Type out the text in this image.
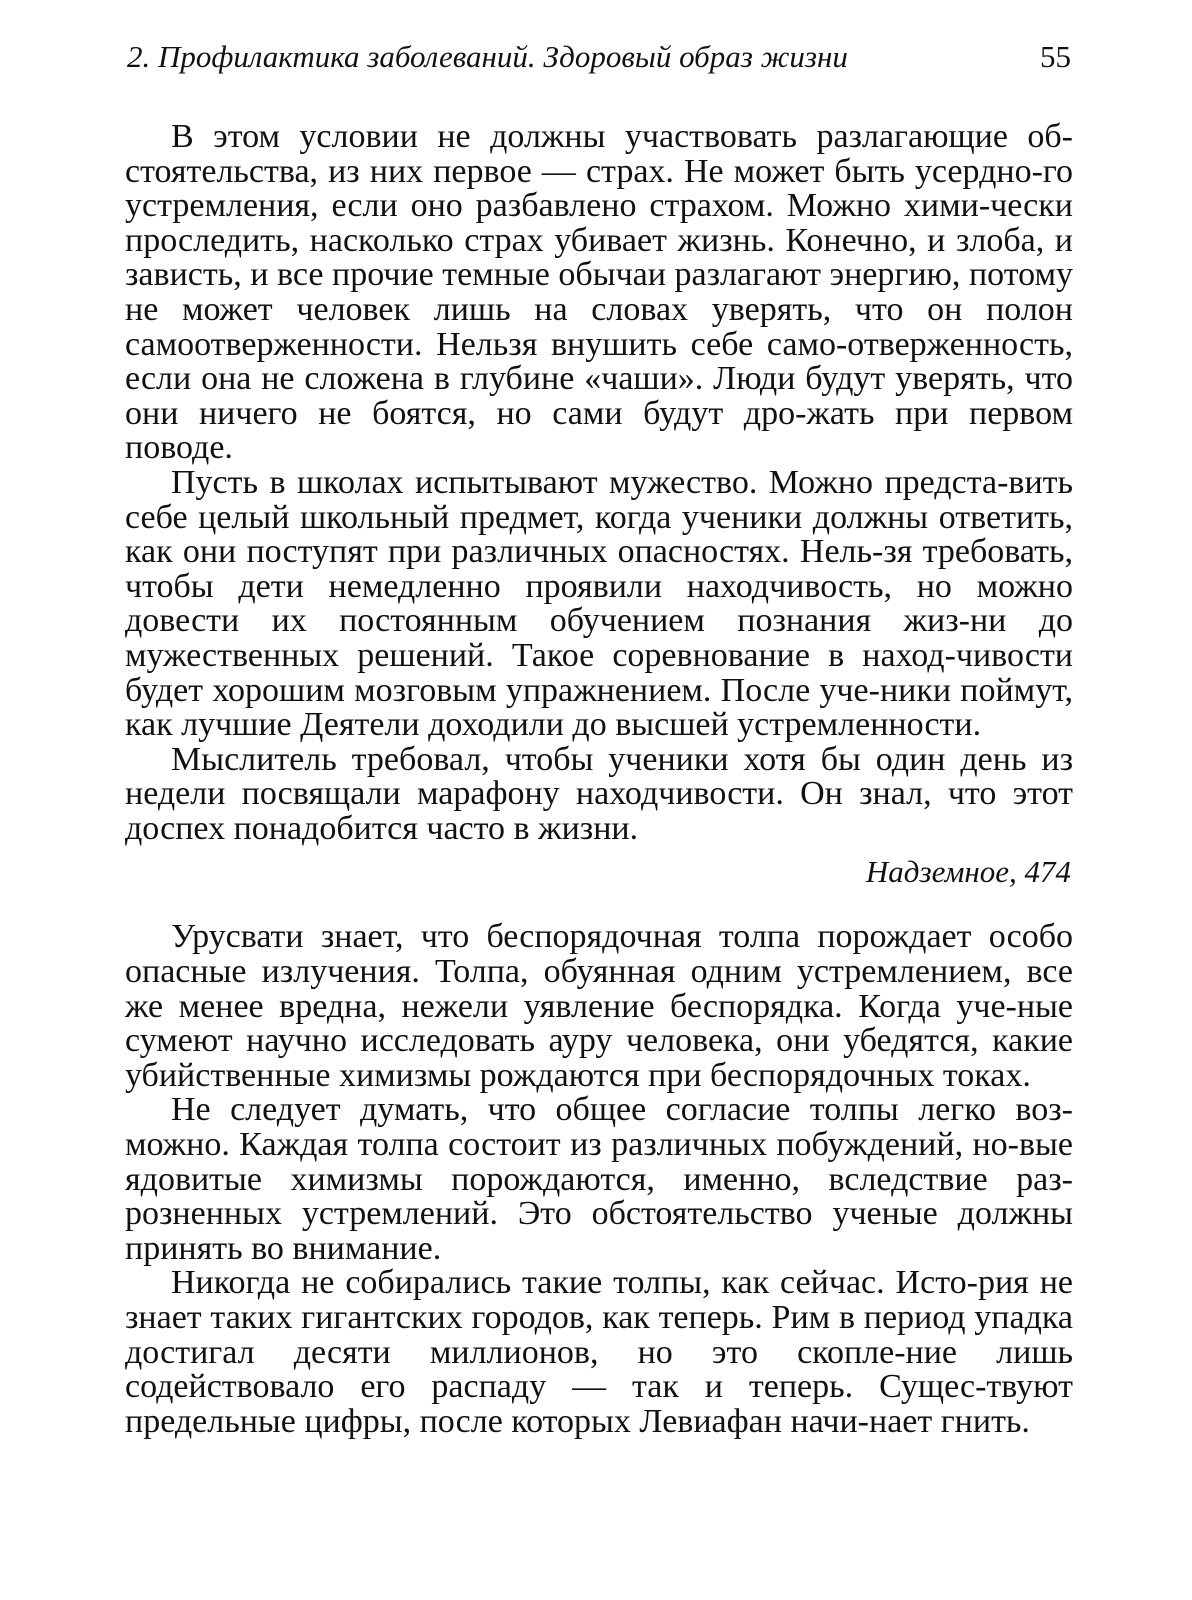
2. Профилактика заболеваний. Здоровый образ жизни	55

В этом условии не должны участвовать разлагающие об-стоятельства, из них первое — страх. Не может быть усердно-го устремления, если оно разбавлено страхом. Можно хими-чески проследить, насколько страх убивает жизнь. Конечно, и злоба, и зависть, и все прочие темные обычаи разлагают энергию, потому не может человек лишь на словах уверять, что он полон самоотверженности. Нельзя внушить себе само-отверженность, если она не сложена в глубине «чаши». Люди будут уверять, что они ничего не боятся, но сами будут дро-жать при первом поводе.

Пусть в школах испытывают мужество. Можно предста-вить себе целый школьный предмет, когда ученики должны ответить, как они поступят при различных опасностях. Нель-зя требовать, чтобы дети немедленно проявили находчивость, но можно довести их постоянным обучением познания жиз-ни до мужественных решений. Такое соревнование в наход-чивости будет хорошим мозговым упражнением. После уче-ники поймут, как лучшие Деятели доходили до высшей устремленности.

Мыслитель требовал, чтобы ученики хотя бы один день из недели посвящали марафону находчивости. Он знал, что этот доспех понадобится часто в жизни.

Надземное, 474

Урусвати знает, что беспорядочная толпа порождает особо опасные излучения. Толпа, обуянная одним устремлением, все же менее вредна, нежели уявление беспорядка. Когда уче-ные сумеют научно исследовать ауру человека, они убедятся, какие убийственные химизмы рождаются при беспорядочных токах.

Не следует думать, что общее согласие толпы легко воз-можно. Каждая толпа состоит из различных побуждений, но-вые ядовитые химизмы порождаются, именно, вследствие раз-розненных устремлений. Это обстоятельство ученые должны принять во внимание.

Никогда не собирались такие толпы, как сейчас. Исто-рия не знает таких гигантских городов, как теперь. Рим в период упадка достигал десяти миллионов, но это скопле-ние лишь содействовало его распаду — так и теперь. Сущес-твуют предельные цифры, после которых Левиафан начи-нает гнить.
